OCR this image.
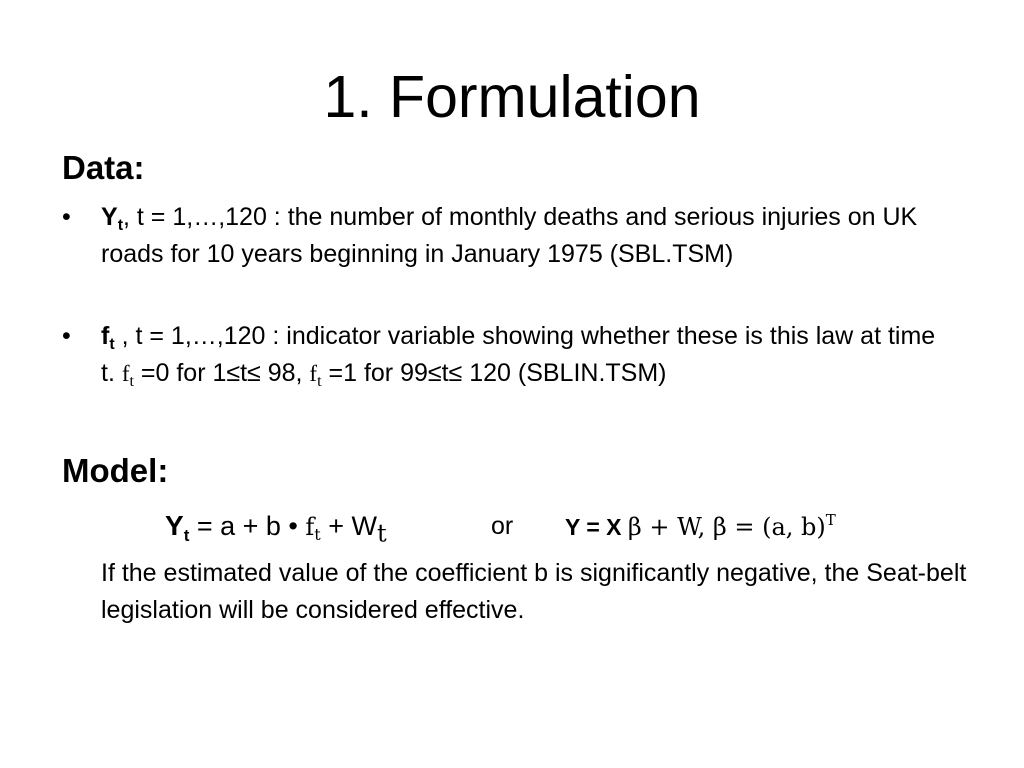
1. Formulation
Data:
•	$Y_t$, t = 1,…,120 : the number of monthly deaths and serious injuries on UK roads for 10 years beginning in January 1975 (SBL.TSM)
•	$f_t$ , t = 1,…,120 : indicator variable showing whether these is this law at time t. $f_t =0$ for 1≤t≤ 98, $f_t =1$ for 99≤t≤ 120 (SBLIN.TSM)
Model:
$Y_t = a + b$ • $f_t + W_t$	or Y = X β + W, β = (a, b)$^T$
If the estimated value of the coefficient b is significantly negative, the Seat-belt legislation will be considered effective.
